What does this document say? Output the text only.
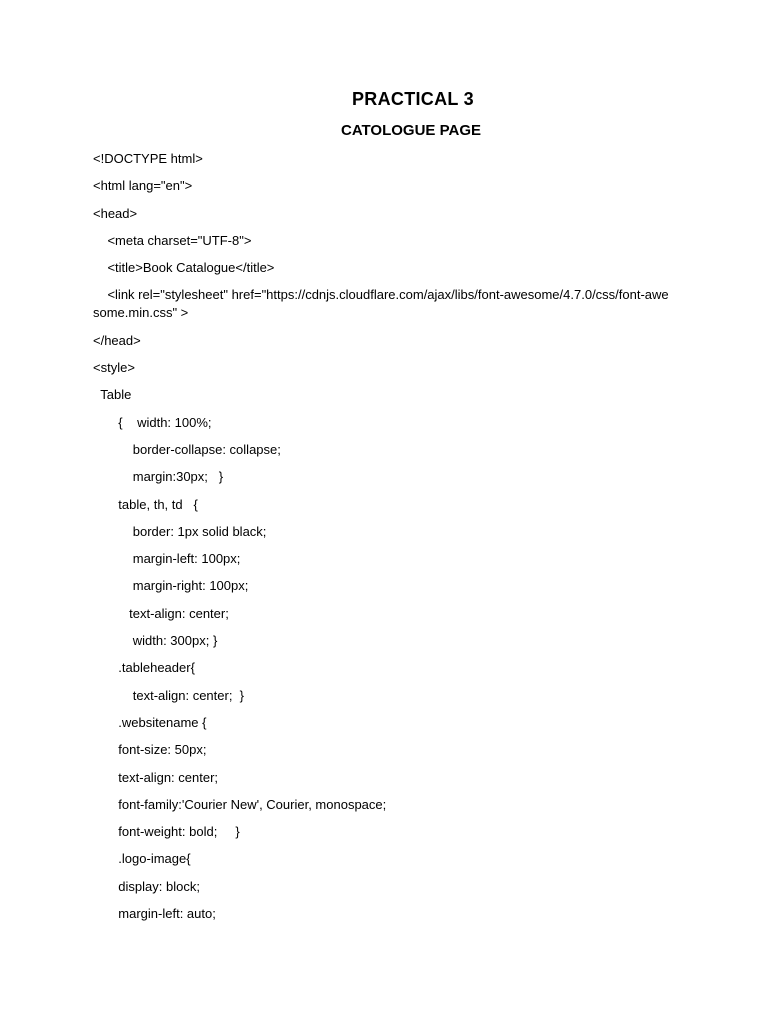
PRACTICAL 3
CATOLOGUE PAGE
<!DOCTYPE html>
<html lang="en">
<head>
<meta charset="UTF-8">
<title>Book Catalogue</title>
<link rel="stylesheet" href="https://cdnjs.cloudflare.com/ajax/libs/font-awesome/4.7.0/css/font-awesome.min.css" >
</head>
<style>
Table
{    width: 100%;
border-collapse: collapse;
margin:30px;   }
table, th, td   {
border: 1px solid black;
margin-left: 100px;
margin-right: 100px;
text-align: center;
width: 300px; }
.tableheader{
text-align: center;  }
.websitename {
font-size: 50px;
text-align: center;
font-family:'Courier New', Courier, monospace;
font-weight: bold;     }
.logo-image{
display: block;
margin-left: auto;
